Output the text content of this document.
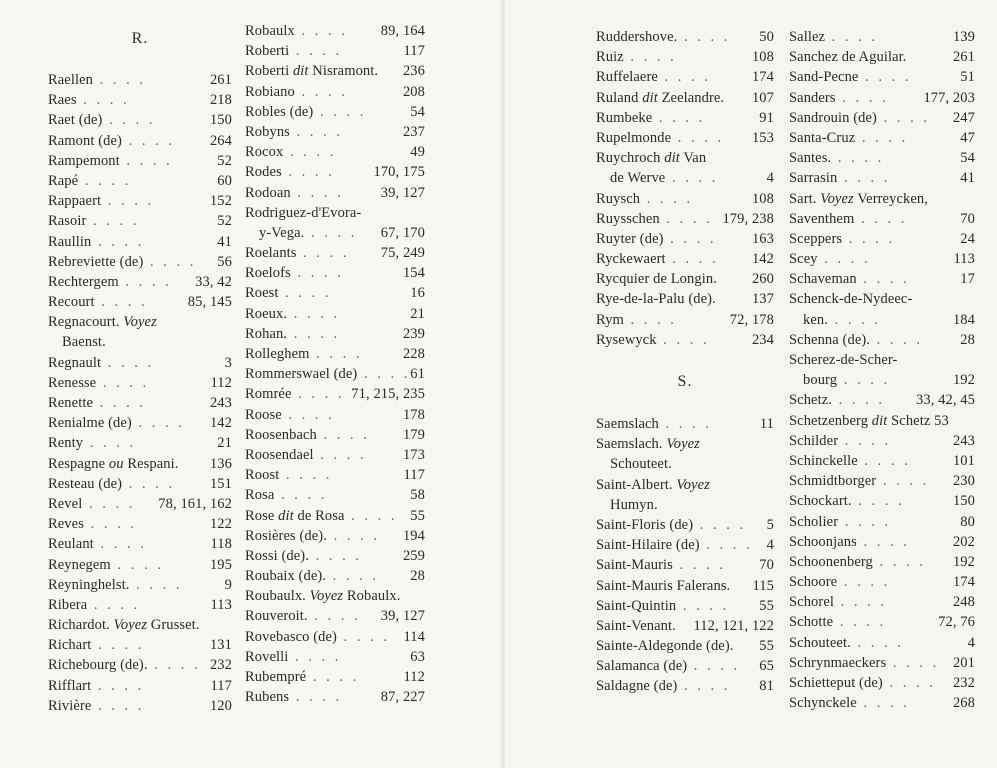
R.
Raellen . . . .	261
Raes . . . .	218
Raet (de) . . . .	150
Ramont (de) . . . . 264
Rampemont . . . .	52
Rapé . . . .	60
Rappaert . . . .	152
Rasoir . . . .	52
Raullin . . . .	41
Rebreviette (de) . . . . 56
Rechtergem . . . . 33, 42
Recourt . . . .	85, 145
Regnacourt. Voyez
Baenst.
Regnault . . . .	3
Renesse . . . .	112
Renette . . . .	243
Renialme (de) . . . . 142
Renty . . . .	21
Respagne ou Respani. 136
Resteau (de) . . . . 151
Revel . . . . 78, 161, 162
Reves . . . .	122
Reulant . . . .	118
Reynegem . . . .	195
Reyninghelst. . . . .	9
Ribera . . . .	113
Richardot. Voyez Grusset.
Richart . . . .	131
Richebourg (de). . . . . 232
Rifflart . . . .	117
Rivière . . . .	120
Robaulx . . . . 89, 164
Roberti . . . .	117
Roberti dit Nisramont. 236
Robiano . . . .	208
Robles (de) . . . .	54
Robyns . . . .	237
Rocox . . . .	49
Rodes . . . .	170, 175
Rodoan . . . .	39, 127
Rodriguez-d'Evora-
y-Vega. . . . . 67, 170
Roelants . . . . 75, 249
Roelofs . . . .	154
Roest . . . .	16
Roeux. . . . .	21
Rohan. . . . .	239
Rolleghem . . . .	228
Rommerswael (de) . . . . 61
Romrée . . . . 71, 215, 235
Roose . . . .	178
Roosenbach . . . . 179
Roosendael . . . .	173
Roost . . . .	117
Rosa . . . .	58
Rose dit de Rosa . . . . 55
Rosières (de). . . . . 194
Rossi (de). . . . .	259
Roubaix (de). . . . . 28
Roubaulx. Voyez Robaulx.
Rouveroit. . . . . 39, 127
Rovebasco (de) . . . . 114
Rovelli . . . .	63
Rubempré . . . .	112
Rubens . . . .	87, 227
Ruddershove. . . . . 50
Ruiz . . . .	108
Ruffelaere . . . .	174
Ruland dit Zeelandre. 107
Rumbeke . . . .	91
Rupelmonde . . . . 153
Ruychroch dit Van
de Werve . . . .	4
Ruysch . . . .	108
Ruysschen . . . . 179, 238
Ruyter (de) . . . . 163
Ryckewaert . . . . 142
Rycquier de Longin. 260
Rye-de-la-Palu (de). 137
Rym . . . .	72, 178
Rysewyck . . . .	234
S.
Saemslach . . . .	11
Saemslach. Voyez
Schouteet.
Saint-Albert. Voyez
Humyn.
Saint-Floris (de) . . . . 5
Saint-Hilaire (de) . . . . 4
Saint-Mauris . . . . 70
Saint-Mauris Falerans. 115
Saint-Quintin . . . . 55
Saint-Venant. 112, 121, 122
Sainte-Aldegonde (de). 55
Salamanca (de) . . . . 65
Saldagne (de) . . . . 81
Sallez . . . .	139
Sanchez de Aguilar.	261
Sand-Pecne . . . .	51
Sanders . . . . 177, 203
Sandrouin (de) . . . . 247
Santa-Cruz . . . .	47
Santes. . . . .	54
Sarrasin . . . .	41
Sart. Voyez Verreycken,
Saventhem . . . .	70
Sceppers . . . .	24
Scey . . . .	113
Schaveman . . . .	17
Schenck-de-Nydeec-
ken. . . . .	184
Schenna (de). . . . .	28
Scherez-de-Scher-
bourg . . . .	192
Schetz. . . . . 33, 42, 45
Schetzenberg dit Schetz 53
Schilder . . . .	243
Schinckelle . . . .	101
Schmidtborger . . . . 230
Schockart. . . . .	150
Scholier . . . .	80
Schoonjans . . . .	202
Schoonenberg . . . . 192
Schoore . . . .	174
Schorel . . . .	248
Schotte . . . .	72, 76
Schouteet. . . . .	4
Schrynmaeckers . . . . 201
Schietteput (de) . . . . 232
Schynckele . . . .	268
